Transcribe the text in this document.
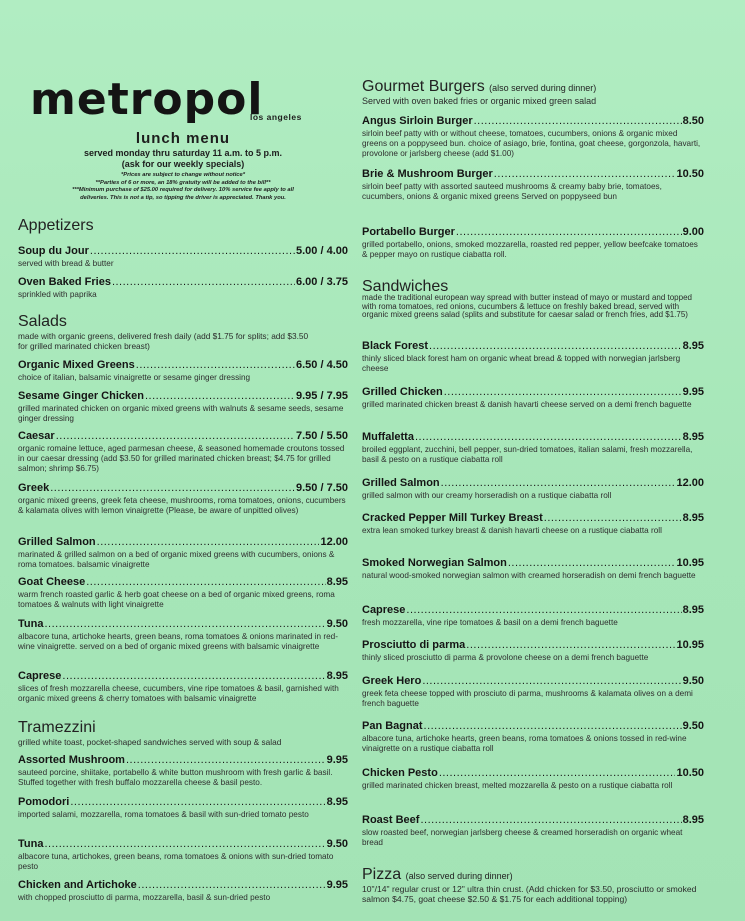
metropol
los angeles
lunch menu
served monday thru saturday 11 a.m. to 5 p.m.
(ask for our weekly specials)
*Prices are subject to change without notice*
**Parties of 6 or more, an 18% gratuity will be added to the bill**
***Minimum purchase of $25.00 required for delivery. 10% service fee apply to all
deliveries. This is not a tip, so tipping the driver is appreciated. Thank you.
Appetizers
Soup du Jour .....	5.00 / 4.00
served with bread & butter
Oven Baked Fries .....	6.00 / 3.75
sprinkled with paprika
Salads
made with organic greens, delivered fresh daily (add $1.75 for splits; add $3.50 for grilled marinated chicken breast)
Organic Mixed Greens .....	6.50 / 4.50
choice of italian, balsamic vinaigrette or sesame ginger dressing
Sesame Ginger Chicken .....	9.95 / 7.95
grilled marinated chicken on organic mixed greens with walnuts & sesame seeds, sesame ginger dressing
Caesar .....	7.50 / 5.50
organic romaine lettuce, aged parmesan cheese, & seasoned homemade croutons tossed in our caesar dressing (add $3.50 for grilled marinated chicken breast; $4.75 for grilled salmon; shrimp $6.75)
Greek .....	9.50 / 7.50
organic mixed greens, greek feta cheese, mushrooms, roma tomatoes, onions, cucumbers & kalamata olives with lemon vinaigrette (Please, be aware of unpitted olives)
Grilled Salmon .....	12.00
marinated & grilled salmon on a bed of organic mixed greens with cucumbers, onions & roma tomatoes. balsamic vinaigrette
Goat Cheese .....	8.95
warm french roasted garlic & herb goat cheese on a bed of organic mixed greens, roma tomatoes & walnuts with light vinaigrette
Tuna .....	9.50
albacore tuna, artichoke hearts, green beans, roma tomatoes & onions marinated in red-wine vinaigrette. served on a bed of organic mixed greens with balsamic vinaigrette
Caprese .....	8.95
slices of fresh mozzarella cheese, cucumbers, vine ripe tomatoes & basil, garnished with organic mixed greens & cherry tomatoes with balsamic vinaigrette
Tramezzini
grilled white toast, pocket-shaped sandwiches served with soup & salad
Assorted Mushroom .....	9.95
sauteed porcine, shiitake, portabello & white button mushroom with fresh garlic & basil. Stuffed together with fresh buffalo mozzarella cheese & basil pesto.
Pomodori .....	8.95
imported salami, mozzarella, roma tomatoes & basil with sun-dried tomato pesto
Tuna .....	9.50
albacore tuna, artichokes, green beans, roma tomatoes & onions with sun-dried tomato pesto
Chicken and Artichoke .....	9.95
with chopped prosciutto di parma, mozzarella, basil & sun-dried pesto
Gourmet Burgers (also served during dinner)
Served with oven baked fries or organic mixed green salad
Angus Sirloin Burger .....	8.50
sirloin beef patty with or without cheese, tomatoes, cucumbers, onions & organic mixed greens on a poppyseed bun. choice of asiago, brie, fontina, goat cheese, gorgonzola, havarti, provolone or jarlsberg cheese (add $1.00)
Brie & Mushroom Burger .....	10.50
sirloin beef patty with assorted sauteed mushrooms & creamy baby brie, tomatoes, cucumbers, onions & organic mixed greens Served on poppyseed bun
Portabello Burger .....	9.00
grilled portabello, onions, smoked mozzarella, roasted red pepper, yellow beefcake tomatoes & pepper mayo on rustique ciabatta roll.
Sandwiches
made the traditional european way spread with butter instead of mayo or mustard and topped with roma tomatoes, red onions, cucumbers & lettuce on freshly baked bread, served with organic mixed greens salad (splits and substitute for caesar salad or french fries, add $1.75)
Black Forest .....	8.95
thinly sliced black forest ham on organic wheat bread & topped with norwegian jarlsberg cheese
Grilled Chicken .....	9.95
grilled marinated chicken breast & danish havarti cheese served on a demi french baguette
Muffaletta .....	8.95
broiled eggplant, zucchini, bell pepper, sun-dried tomatoes, italian salami, fresh mozzarella, basil & pesto on a rustique ciabatta roll
Grilled Salmon .....	12.00
grilled salmon with our creamy horseradish on a rustique ciabatta roll
Cracked Pepper Mill Turkey Breast .....	8.95
extra lean smoked turkey breast & danish havarti cheese on a rustique ciabatta roll
Smoked Norwegian Salmon .....	10.95
natural wood-smoked norwegian salmon with creamed horseradish on demi french baguette
Caprese .....	8.95
fresh mozzarella, vine ripe tomatoes & basil on a demi french baguette
Prosciutto di parma .....	10.95
thinly sliced prosciutto di parma & provolone cheese on a demi french baguette
Greek Hero .....	9.50
greek feta cheese topped with prosciuto di parma, mushrooms & kalamata olives on a demi french baguette
Pan Bagnat .....	9.50
albacore tuna, artichoke hearts, green beans, roma tomatoes & onions tossed in red-wine vinaigrette on a rustique ciabatta roll
Chicken Pesto .....	10.50
grilled marinated chicken breast, melted mozzarella & pesto on a rustique ciabatta roll
Roast Beef .....	8.95
slow roasted beef, norwegian jarlsberg cheese & creamed horseradish on organic wheat bread
Pizza (also served during dinner)
10"/14" regular crust or 12" ultra thin crust. (Add chicken for $3.50, prosciutto or smoked salmon $4.75, goat cheese $2.50 & $1.75 for each additional topping)
